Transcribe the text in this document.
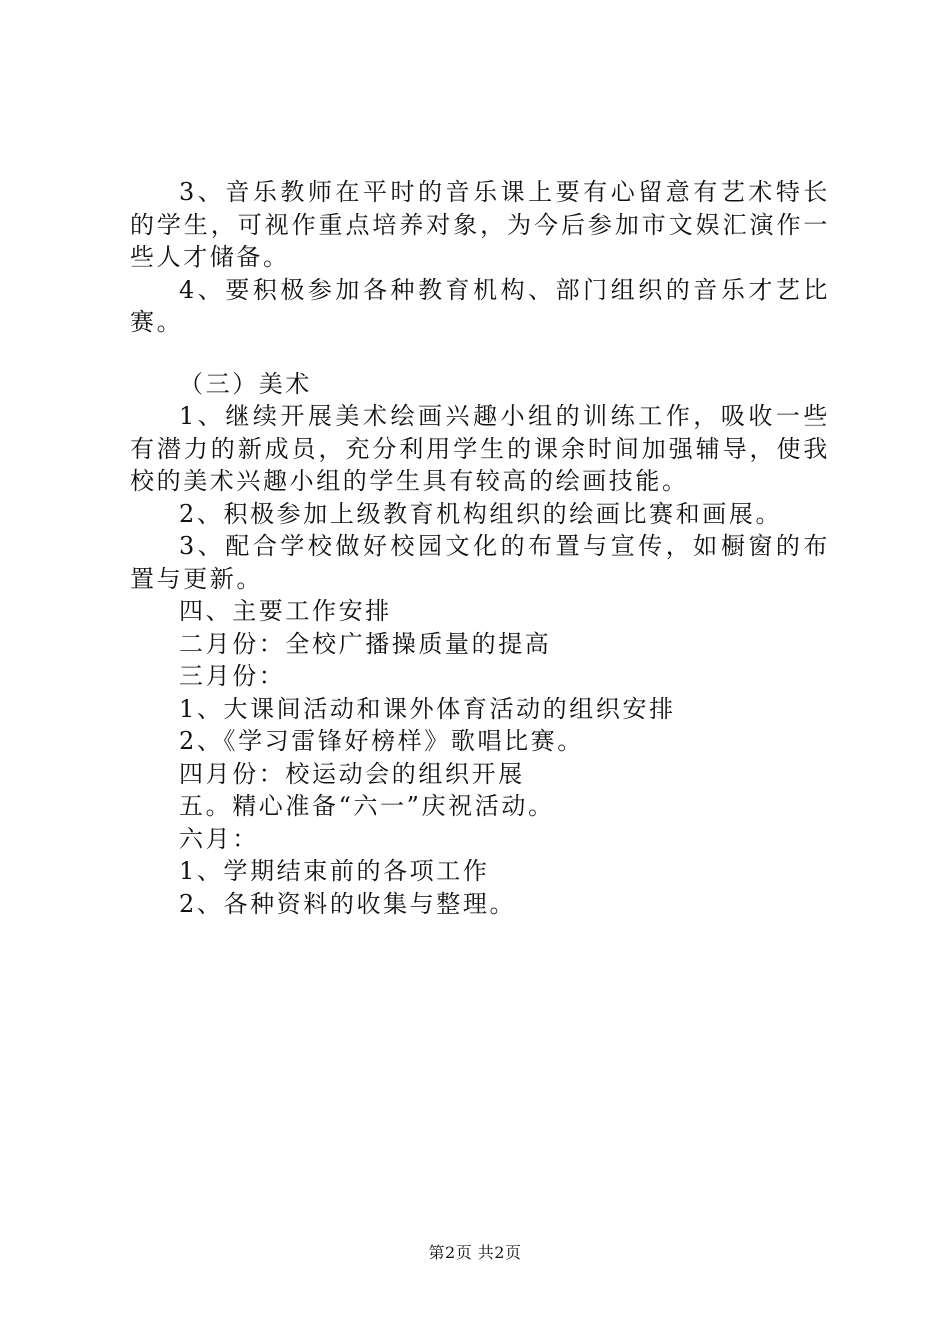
3、音乐教师在平时的音乐课上要有心留意有艺术特长的学生，可视作重点培养对象，为今后参加市文娱汇演作一些人才储备。

4、要积极参加各种教育机构、部门组织的音乐才艺比赛。

（三）美术

1、继续开展美术绘画兴趣小组的训练工作，吸收一些有潜力的新成员，充分利用学生的课余时间加强辅导，使我校的美术兴趣小组的学生具有较高的绘画技能。

2、积极参加上级教育机构组织的绘画比赛和画展。

3、配合学校做好校园文化的布置与宣传，如橱窗的布置与更新。

四、主要工作安排

二月份：全校广播操质量的提高

三月份：

1、大课间活动和课外体育活动的组织安排

2、《学习雷锋好榜样》歌唱比赛。

四月份：校运动会的组织开展

五。精心准备“六一”庆祝活动。

六月：

1、学期结束前的各项工作

2、各种资料的收集与整理。

第2页 共2页
